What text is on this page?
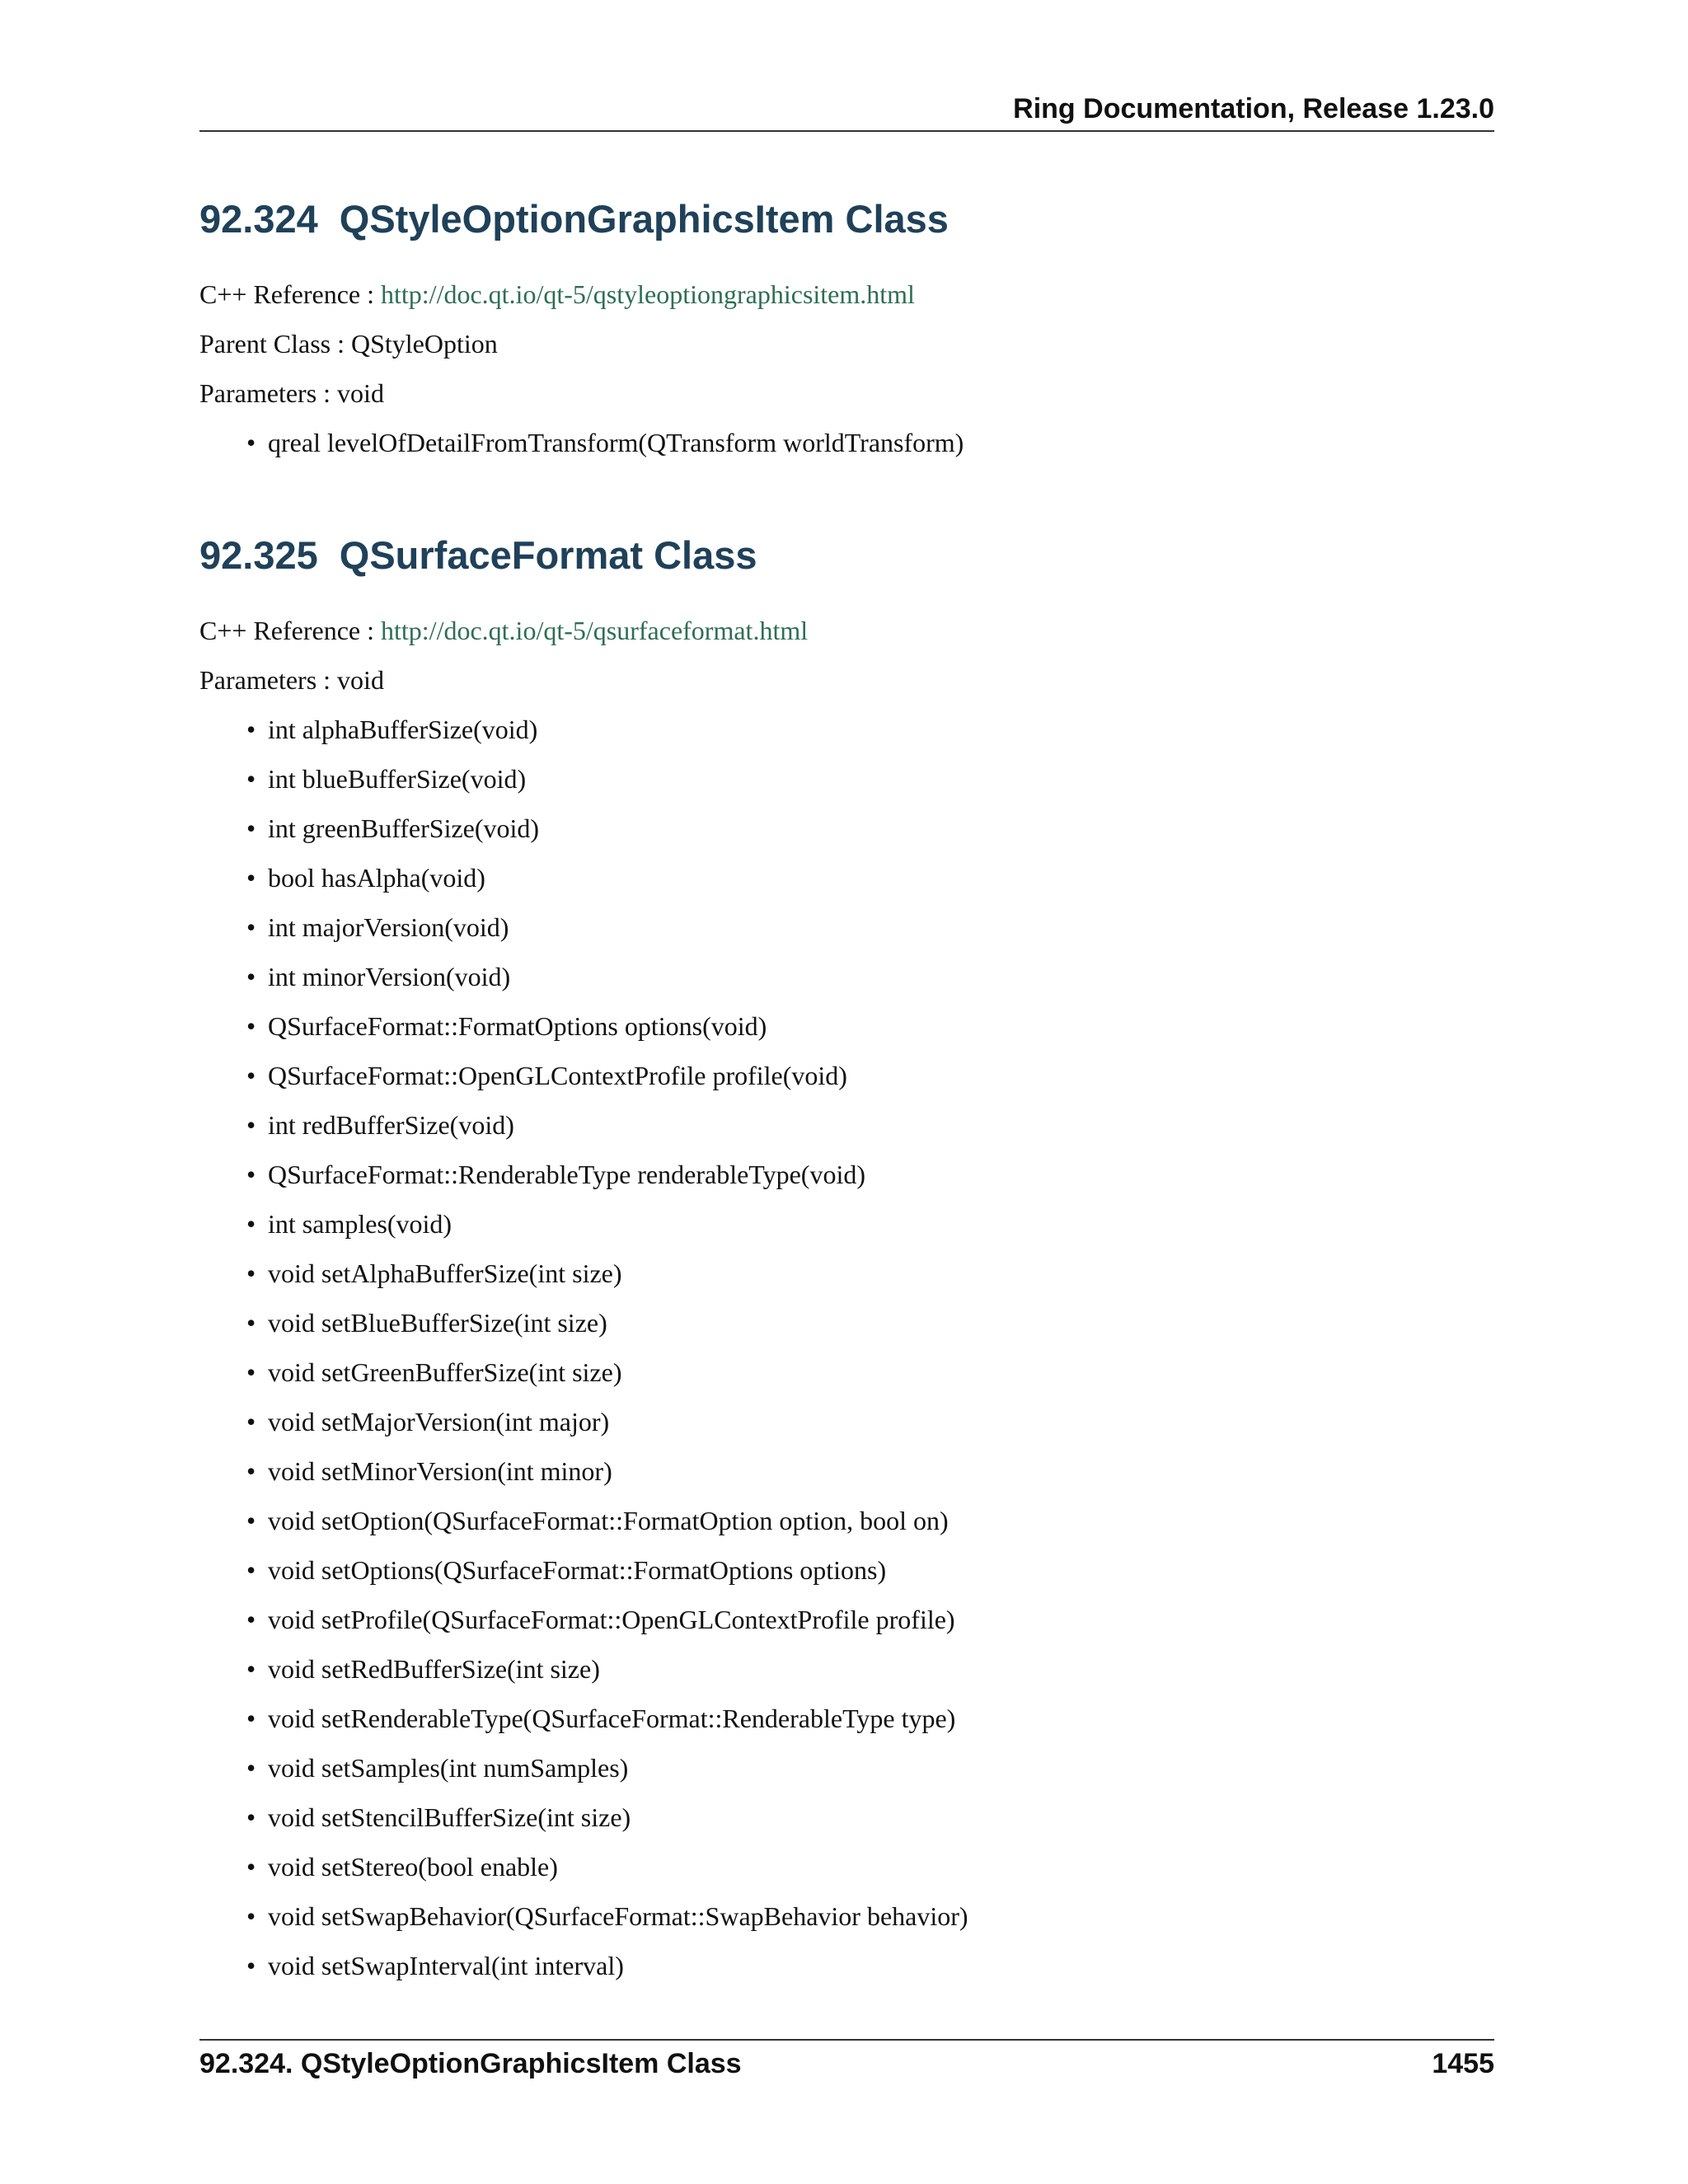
Ring Documentation, Release 1.23.0
92.324 QStyleOptionGraphicsItem Class

C++ Reference : http://doc.qt.io/qt-5/qstyleoptiongraphicsitem.html

Parent Class : QStyleOption

Parameters : void

• qreal levelOfDetailFromTransform(QTransform worldTransform)
92.325 QSurfaceFormat Class

C++ Reference : http://doc.qt.io/qt-5/qsurfaceformat.html

Parameters : void

• int alphaBufferSize(void)
• int blueBufferSize(void)
• int greenBufferSize(void)
• bool hasAlpha(void)
• int majorVersion(void)
• int minorVersion(void)
• QSurfaceFormat::FormatOptions options(void)
• QSurfaceFormat::OpenGLContextProfile profile(void)
• int redBufferSize(void)
• QSurfaceFormat::RenderableType renderableType(void)
• int samples(void)
• void setAlphaBufferSize(int size)
• void setBlueBufferSize(int size)
• void setGreenBufferSize(int size)
• void setMajorVersion(int major)
• void setMinorVersion(int minor)
• void setOption(QSurfaceFormat::FormatOption option, bool on)
• void setOptions(QSurfaceFormat::FormatOptions options)
• void setProfile(QSurfaceFormat::OpenGLContextProfile profile)
• void setRedBufferSize(int size)
• void setRenderableType(QSurfaceFormat::RenderableType type)
• void setSamples(int numSamples)
• void setStencilBufferSize(int size)
• void setStereo(bool enable)
• void setSwapBehavior(QSurfaceFormat::SwapBehavior behavior)
• void setSwapInterval(int interval)
92.324. QStyleOptionGraphicsItem Class	1455
